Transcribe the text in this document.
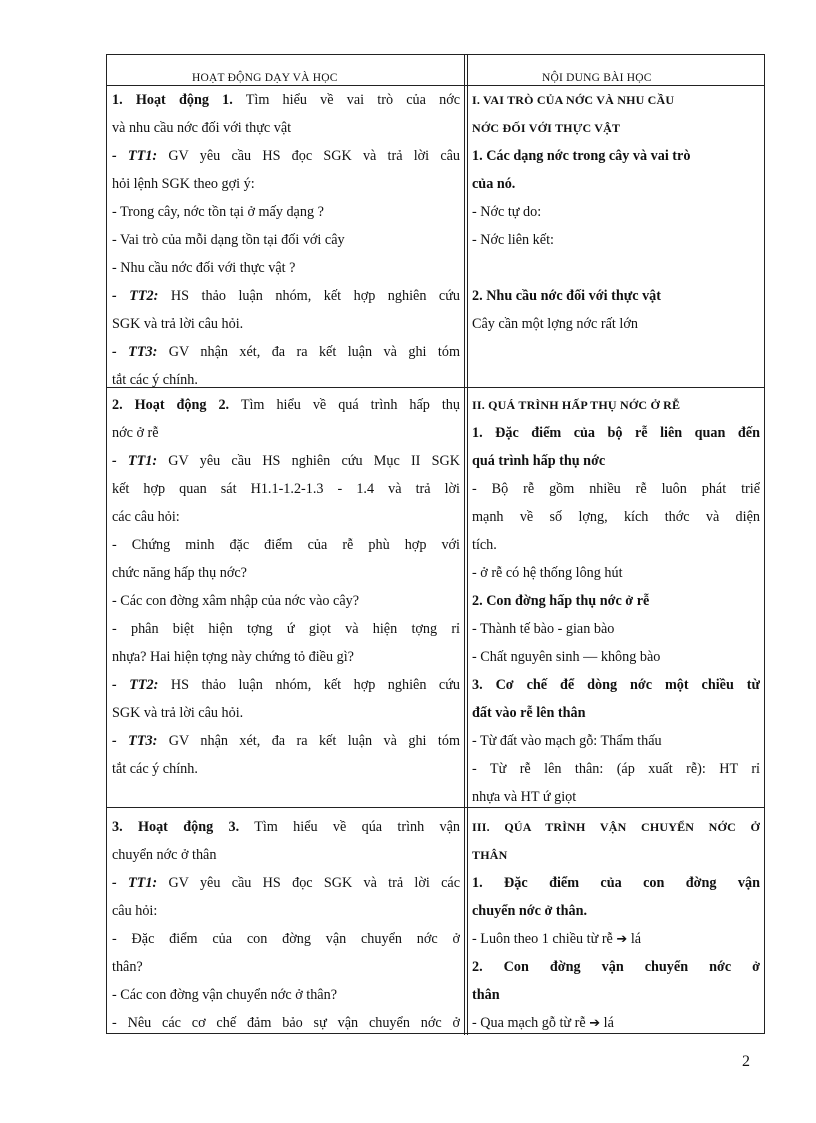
HOẠT ĐỘNG DẠY VÀ HỌC	NỘI DUNG BÀI HỌC
1. Hoạt động 1. Tìm hiểu về vai trò của nớc
và nhu cầu nớc đối với thực vật
- TT1: GV yêu cầu HS đọc SGK và trả lời câu
hỏi lệnh SGK theo gợi ý:
- Trong cây, nớc tồn tại ở mấy dạng ?
- Vai trò của mỗi dạng tồn tại đối với cây
- Nhu cầu nớc đối với thực vật ?
- TT2: HS thảo luận nhóm, kết hợp nghiên cứu
SGK và trả lời câu hỏi.
- TT3: GV nhận xét, đa ra kết luận và ghi tóm
tắt các ý chính.
I. VAI TRÒ CỦA NỚC VÀ NHU CẦU
NỚC ĐỐI VỚI THỰC VẬT
1. Các dạng nớc trong cây và vai trò
của nó.
- Nớc tự do:
- Nớc liên kết:
2. Nhu cầu nớc đối với thực vật
Cây cần một lợng nớc rất lớn
2. Hoạt động 2. Tìm hiểu về quá trình hấp thụ
nớc ở rễ
- TT1: GV yêu cầu HS nghiên cứu Mục II SGK
kết hợp quan sát H1.1-1.2-1.3 - 1.4 và trả lời
các câu hỏi:
- Chứng minh đặc điểm của rễ phù hợp với
chức năng hấp thụ nớc?
- Các con đờng xâm nhập của nớc vào cây?
- phân biệt hiện tợng ứ giọt và hiện tợng rỉ
nhựa? Hai hiện tợng này chứng tỏ điều gì?
- TT2: HS thảo luận nhóm, kết hợp nghiên cứu
SGK và trả lời câu hỏi.
- TT3: GV nhận xét, đa ra kết luận và ghi tóm
tắt các ý chính.
II. QUÁ TRÌNH HẤP THỤ NỚC Ở RỄ
1. Đặc điểm của bộ rễ liên quan đến
quá trình hấp thụ nớc
- Bộ rễ gồm nhiều rễ luôn phát triể
mạnh về số lợng, kích thớc và diện
tích.
- ở rễ có hệ thống lông hút
2. Con đờng hấp thụ nớc ở rễ
- Thành tế bào - gian bào
- Chất nguyên sinh — không bào
3. Cơ chế để dòng nớc một chiều từ
đất vào rễ lên thân
- Từ đất vào mạch gỗ: Thẩm thấu
- Từ rễ lên thân: (áp xuất rễ): HT rỉ
nhựa và HT ứ giọt
3. Hoạt động 3. Tìm hiểu về qúa trình vận
chuyển nớc ở thân
- TT1: GV yêu cầu HS đọc SGK và trả lời các
câu hỏi:
- Đặc điểm của con đờng vận chuyển nớc ở
thân?
- Các con đờng vận chuyển nớc ở thân?
- Nêu các cơ chế đảm bảo sự vận chuyển nớc ở
III. QÚA TRÌNH VẬN CHUYỂN NỚC Ở
THÂN
1. Đặc điểm của con đờng vận
chuyển nớc ở thân.
- Luôn theo 1 chiều từ rễ ➔ lá
2. Con đờng vận chuyển nớc ở
thân
- Qua mạch gỗ từ rễ ➔ lá
2
